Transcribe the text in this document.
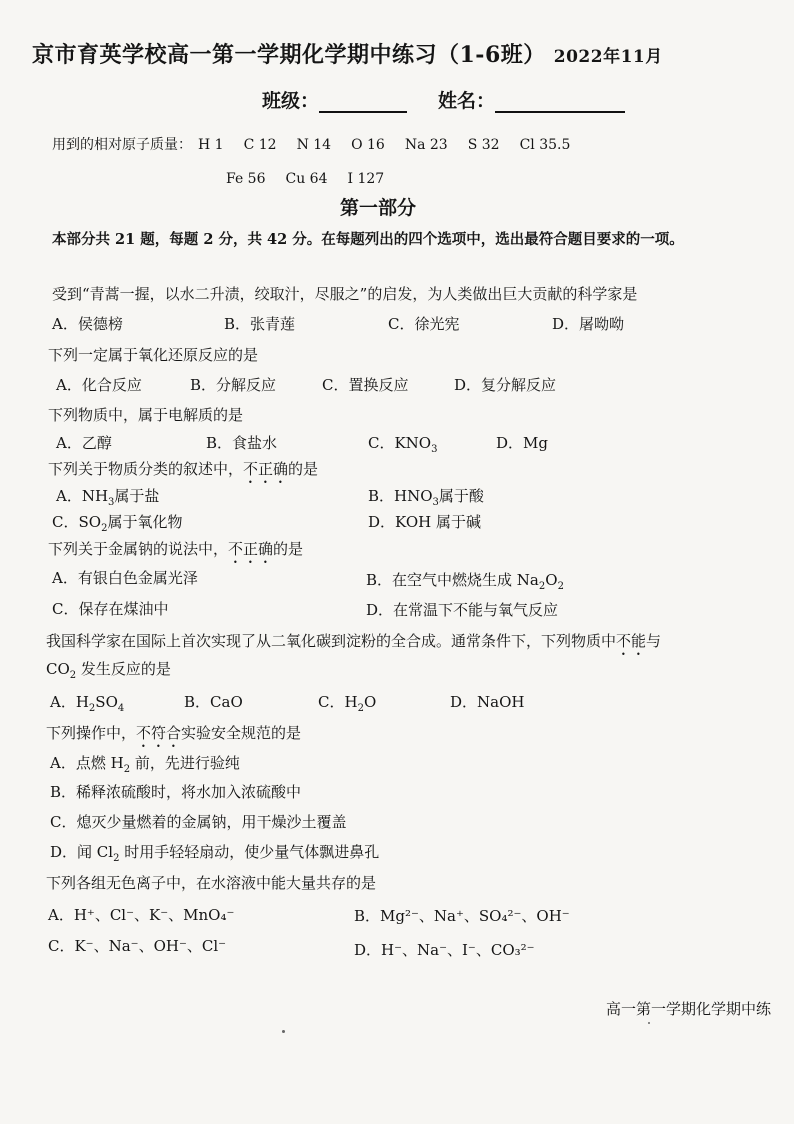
京市育英学校高一第一学期化学期中练习（1-6班） 2022年11月
班级：	姓名：
用到的相对原子质量： H 1 C 12 N 14 O 16 Na 23 S 32 Cl 35.5
Fe 56 Cu 64 I 127
第一部分
本部分共 21 题，每题 2 分，共 42 分。在每题列出的四个选项中，选出最符合题目要求的一项。
受到“青蒿一握，以水二升渍，绞取汁，尽服之”的启发，为人类做出巨大贡献的科学家是
A．侯德榜	B．张青莲	C．徐光宪	D．屠呦呦
下列一定属于氧化还原反应的是
A．化合反应	B．分解反应	C．置换反应	D．复分解反应
下列物质中，属于电解质的是
A．乙醇	B．食盐水	C．$KNO_3$	D．Mg
下列关于物质分类的叙述中，不正确的是
A．$NH_3$属于盐	B．$HNO_3$属于酸
C．$SO_2$属于氧化物	D．KOH 属于碱
下列关于金属钠的说法中，不正确的是
A．有银白色金属光泽	B．在空气中燃烧生成 $Na_2O_2$
C．保存在煤油中	D．在常温下不能与氧气反应
我国科学家在国际上首次实现了从二氧化碳到淀粉的全合成。通常条件下，下列物质中不能与
$CO_2$ 发生反应的是
A．$H_2SO_4$	B．CaO	C．$H_2O$	D．NaOH
下列操作中，不符合实验安全规范的是
A．点燃 $H_2$ 前，先进行验纯
B．稀释浓硫酸时，将水加入浓硫酸中
C．熄灭少量燃着的金属钠，用干燥沙土覆盖
D．闻 $Cl_2$ 时用手轻轻扇动，使少量气体飘进鼻孔
下列各组无色离子中，在水溶液中能大量共存的是
A．H⁺、Cl⁻、K⁻、MnO₄⁻	B．Mg²⁻、Na⁺、SO₄²⁻、OH⁻
C．K⁻、Na⁻、OH⁻、Cl⁻	D．H⁻、Na⁻、I⁻、CO₃²⁻
高一第一学期化学期中练
